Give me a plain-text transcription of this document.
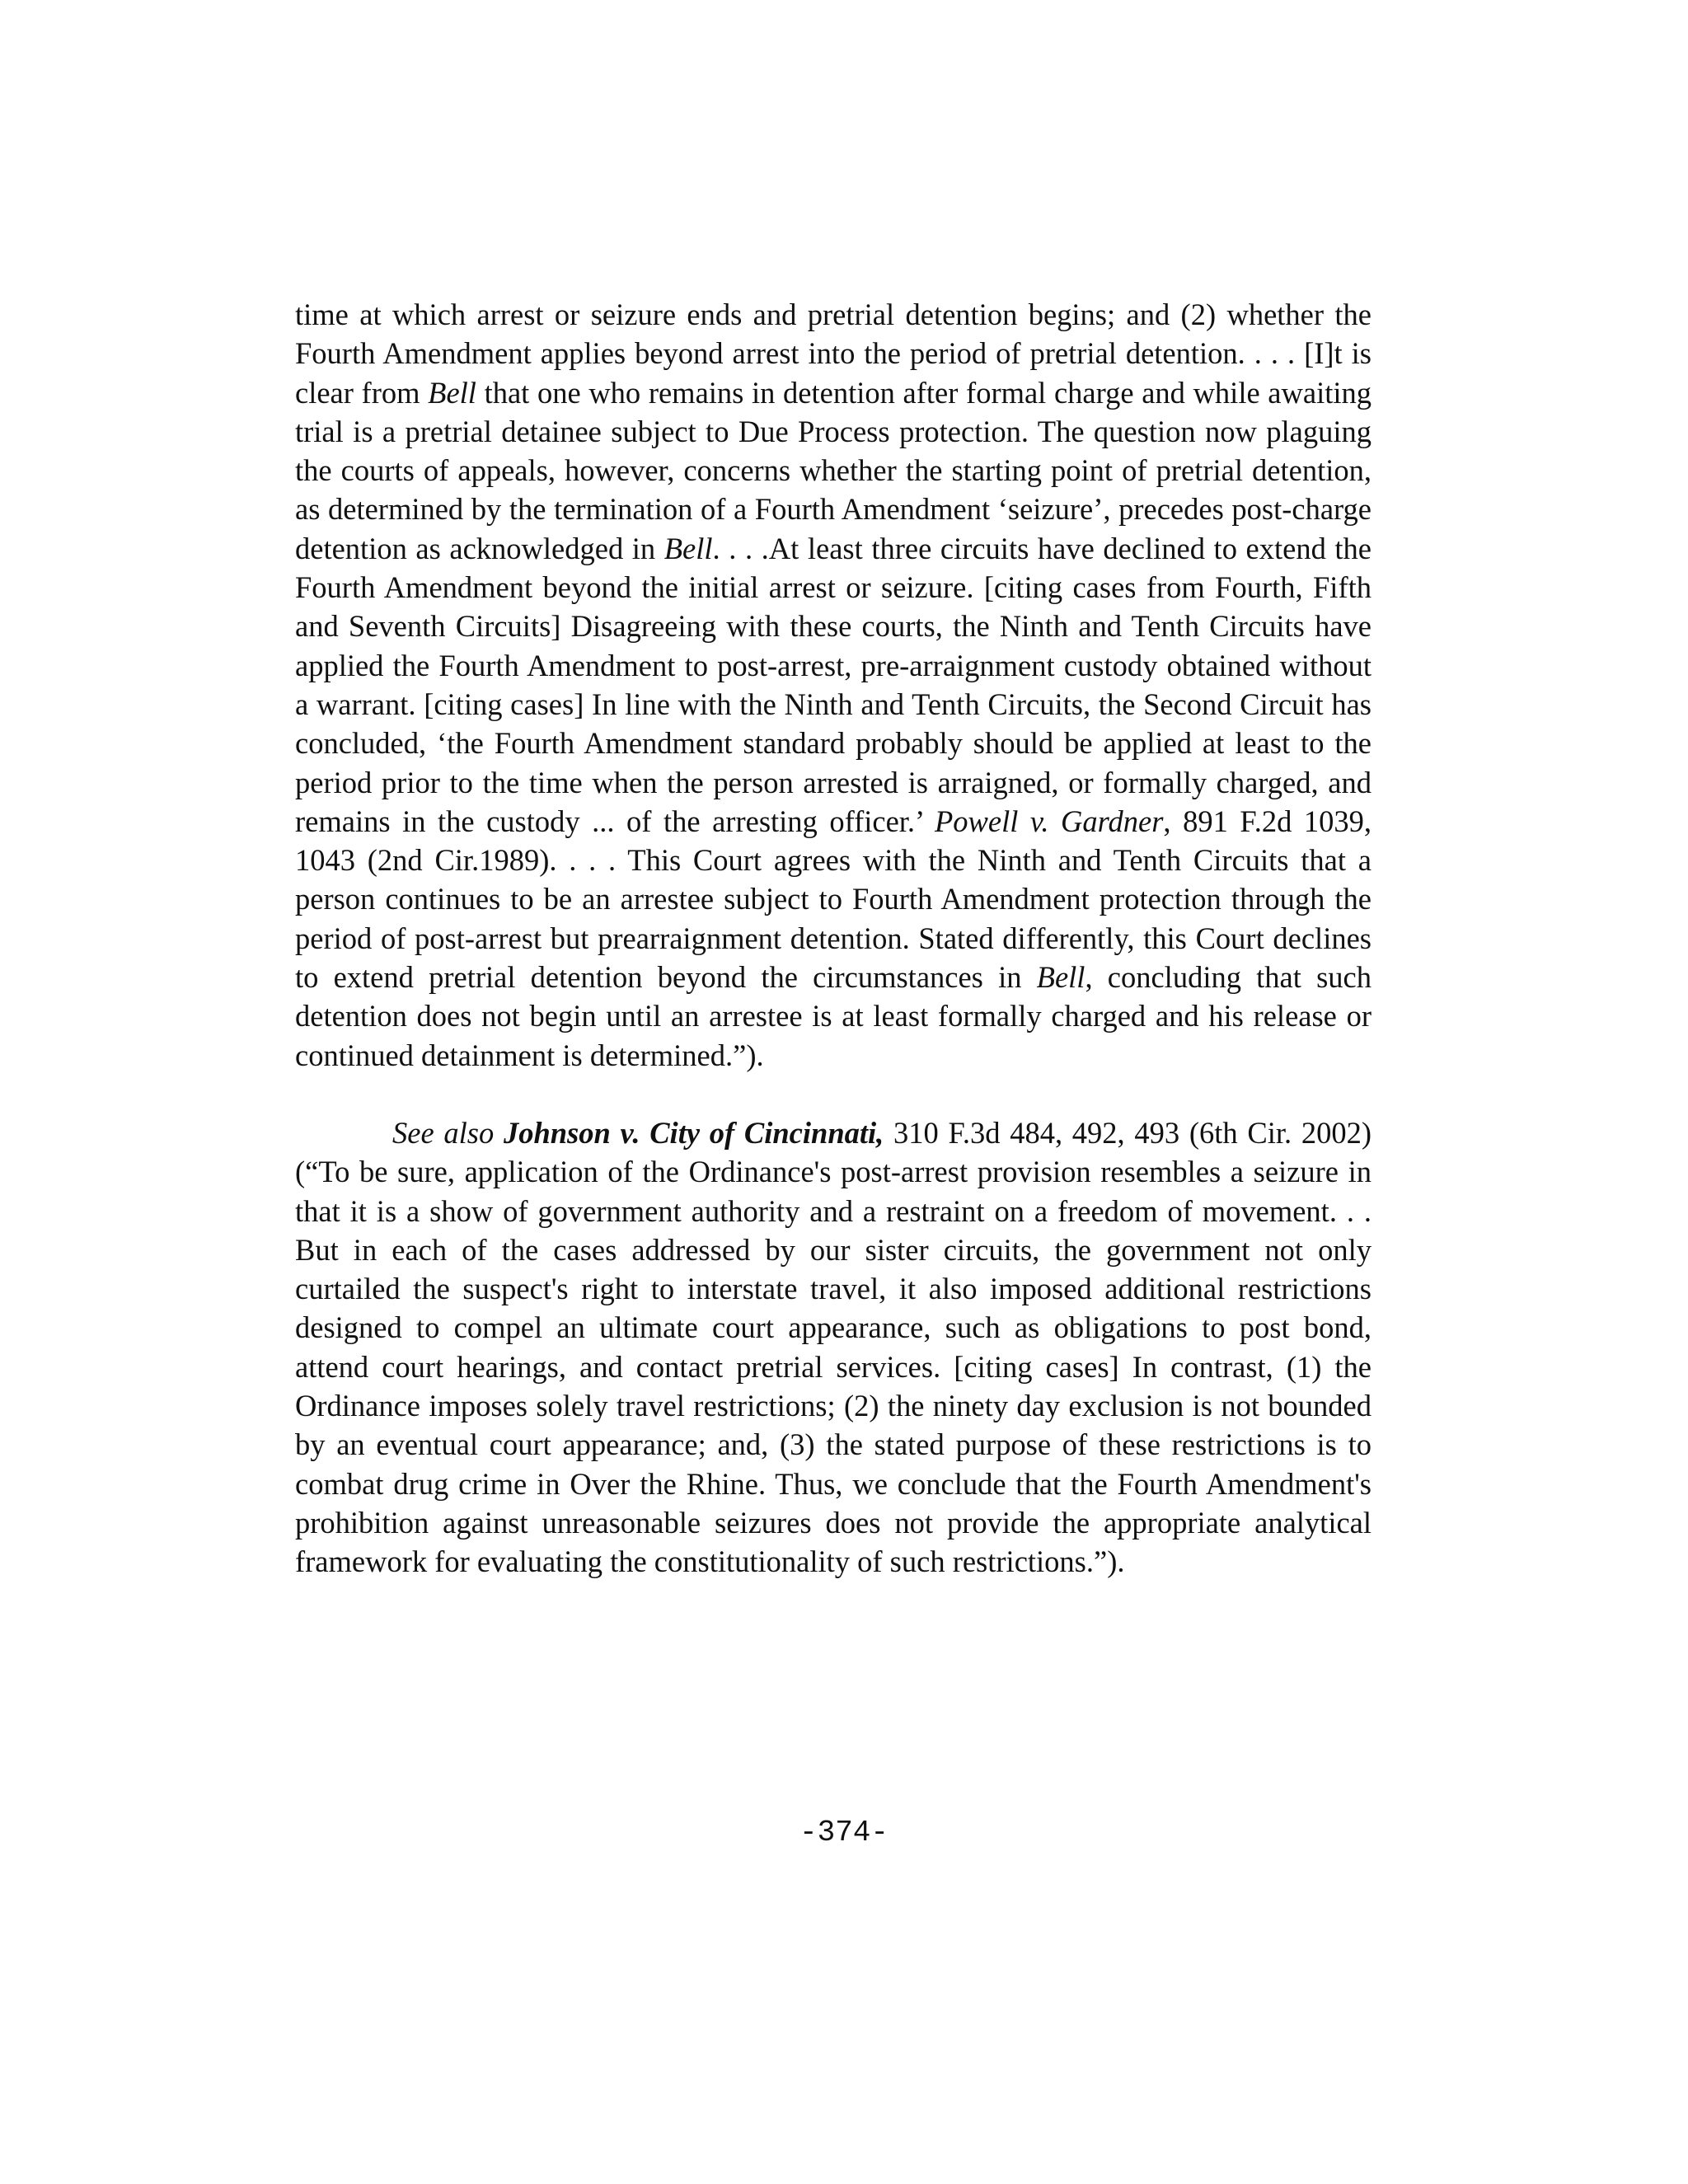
time at which arrest or seizure ends and pretrial detention begins; and (2) whether the Fourth Amendment applies beyond arrest into the period of pretrial detention. . . . [I]t is clear from Bell that one who remains in detention after formal charge and while awaiting trial is a pretrial detainee subject to Due Process protection. The question now plaguing the courts of appeals, however, concerns whether the starting point of pretrial detention, as determined by the termination of a Fourth Amendment ‘seizure’, precedes post-charge detention as acknowledged in Bell. . . .At least three circuits have declined to extend the Fourth Amendment beyond the initial arrest or seizure. [citing cases from Fourth, Fifth and Seventh Circuits] Disagreeing with these courts, the Ninth and Tenth Circuits have applied the Fourth Amendment to post-arrest, pre-arraignment custody obtained without a warrant. [citing cases] In line with the Ninth and Tenth Circuits, the Second Circuit has concluded, ‘the Fourth Amendment standard probably should be applied at least to the period prior to the time when the person arrested is arraigned, or formally charged, and remains in the custody ... of the arresting officer.’ Powell v. Gardner, 891 F.2d 1039, 1043 (2nd Cir.1989). . . . This Court agrees with the Ninth and Tenth Circuits that a person continues to be an arrestee subject to Fourth Amendment protection through the period of post-arrest but prearraignment detention. Stated differently, this Court declines to extend pretrial detention beyond the circumstances in Bell, concluding that such detention does not begin until an arrestee is at least formally charged and his release or continued detainment is determined.”).

See also Johnson v. City of Cincinnati, 310 F.3d 484, 492, 493 (6th Cir. 2002) (“To be sure, application of the Ordinance's post-arrest provision resembles a seizure in that it is a show of government authority and a restraint on a freedom of movement. . . But in each of the cases addressed by our sister circuits, the government not only curtailed the suspect's right to interstate travel, it also imposed additional restrictions designed to compel an ultimate court appearance, such as obligations to post bond, attend court hearings, and contact pretrial services. [citing cases] In contrast, (1) the Ordinance imposes solely travel restrictions; (2) the ninety day exclusion is not bounded by an eventual court appearance; and, (3) the stated purpose of these restrictions is to combat drug crime in Over the Rhine. Thus, we conclude that the Fourth Amendment's prohibition against unreasonable seizures does not provide the appropriate analytical framework for evaluating the constitutionality of such restrictions.”).

-374-
